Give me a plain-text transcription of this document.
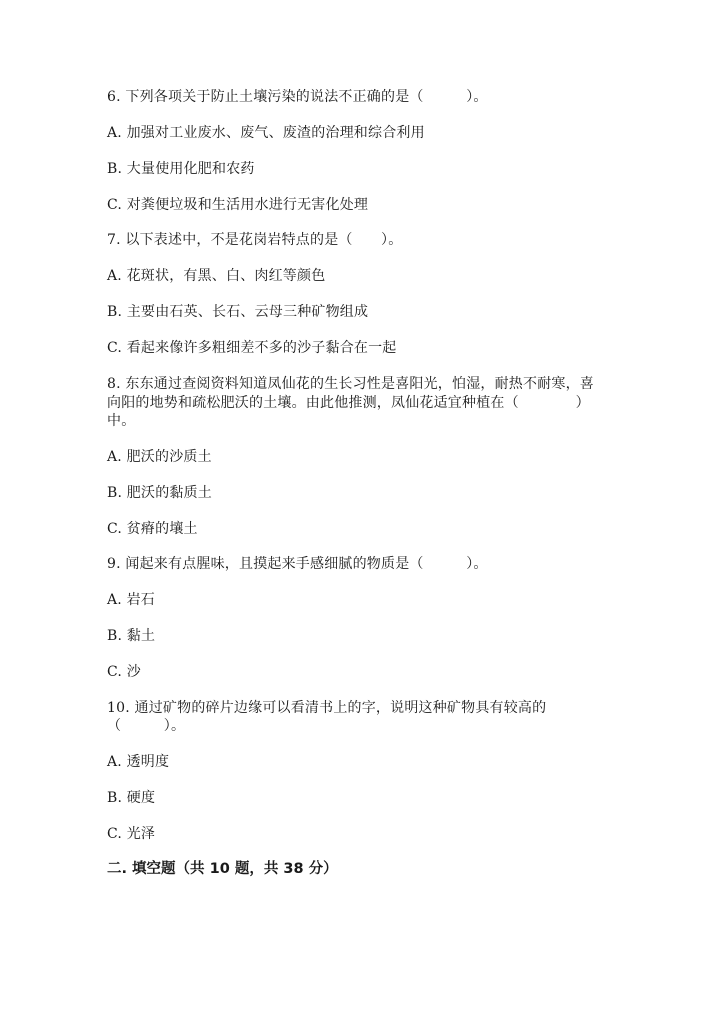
6. 下列各项关于防止土壤污染的说法不正确的是（　　　）。
A. 加强对工业废水、废气、废渣的治理和综合利用
B. 大量使用化肥和农药
C. 对粪便垃圾和生活用水进行无害化处理
7. 以下表述中，不是花岗岩特点的是（　　）。
A. 花斑状，有黑、白、肉红等颜色
B. 主要由石英、长石、云母三种矿物组成
C. 看起来像许多粗细差不多的沙子黏合在一起
8. 东东通过查阅资料知道凤仙花的生长习性是喜阳光，怕湿，耐热不耐寒，喜
向阳的地势和疏松肥沃的土壤。由此他推测，凤仙花适宜种植在（　　　　）
中。
A. 肥沃的沙质土
B. 肥沃的黏质土
C. 贫瘠的壤土
9. 闻起来有点腥味，且摸起来手感细腻的物质是（　　　）。
A. 岩石
B. 黏土
C. 沙
10. 通过矿物的碎片边缘可以看清书上的字，说明这种矿物具有较高的
（　　　）。
A. 透明度
B. 硬度
C. 光泽
二. 填空题（共 10 题，共 38 分）
